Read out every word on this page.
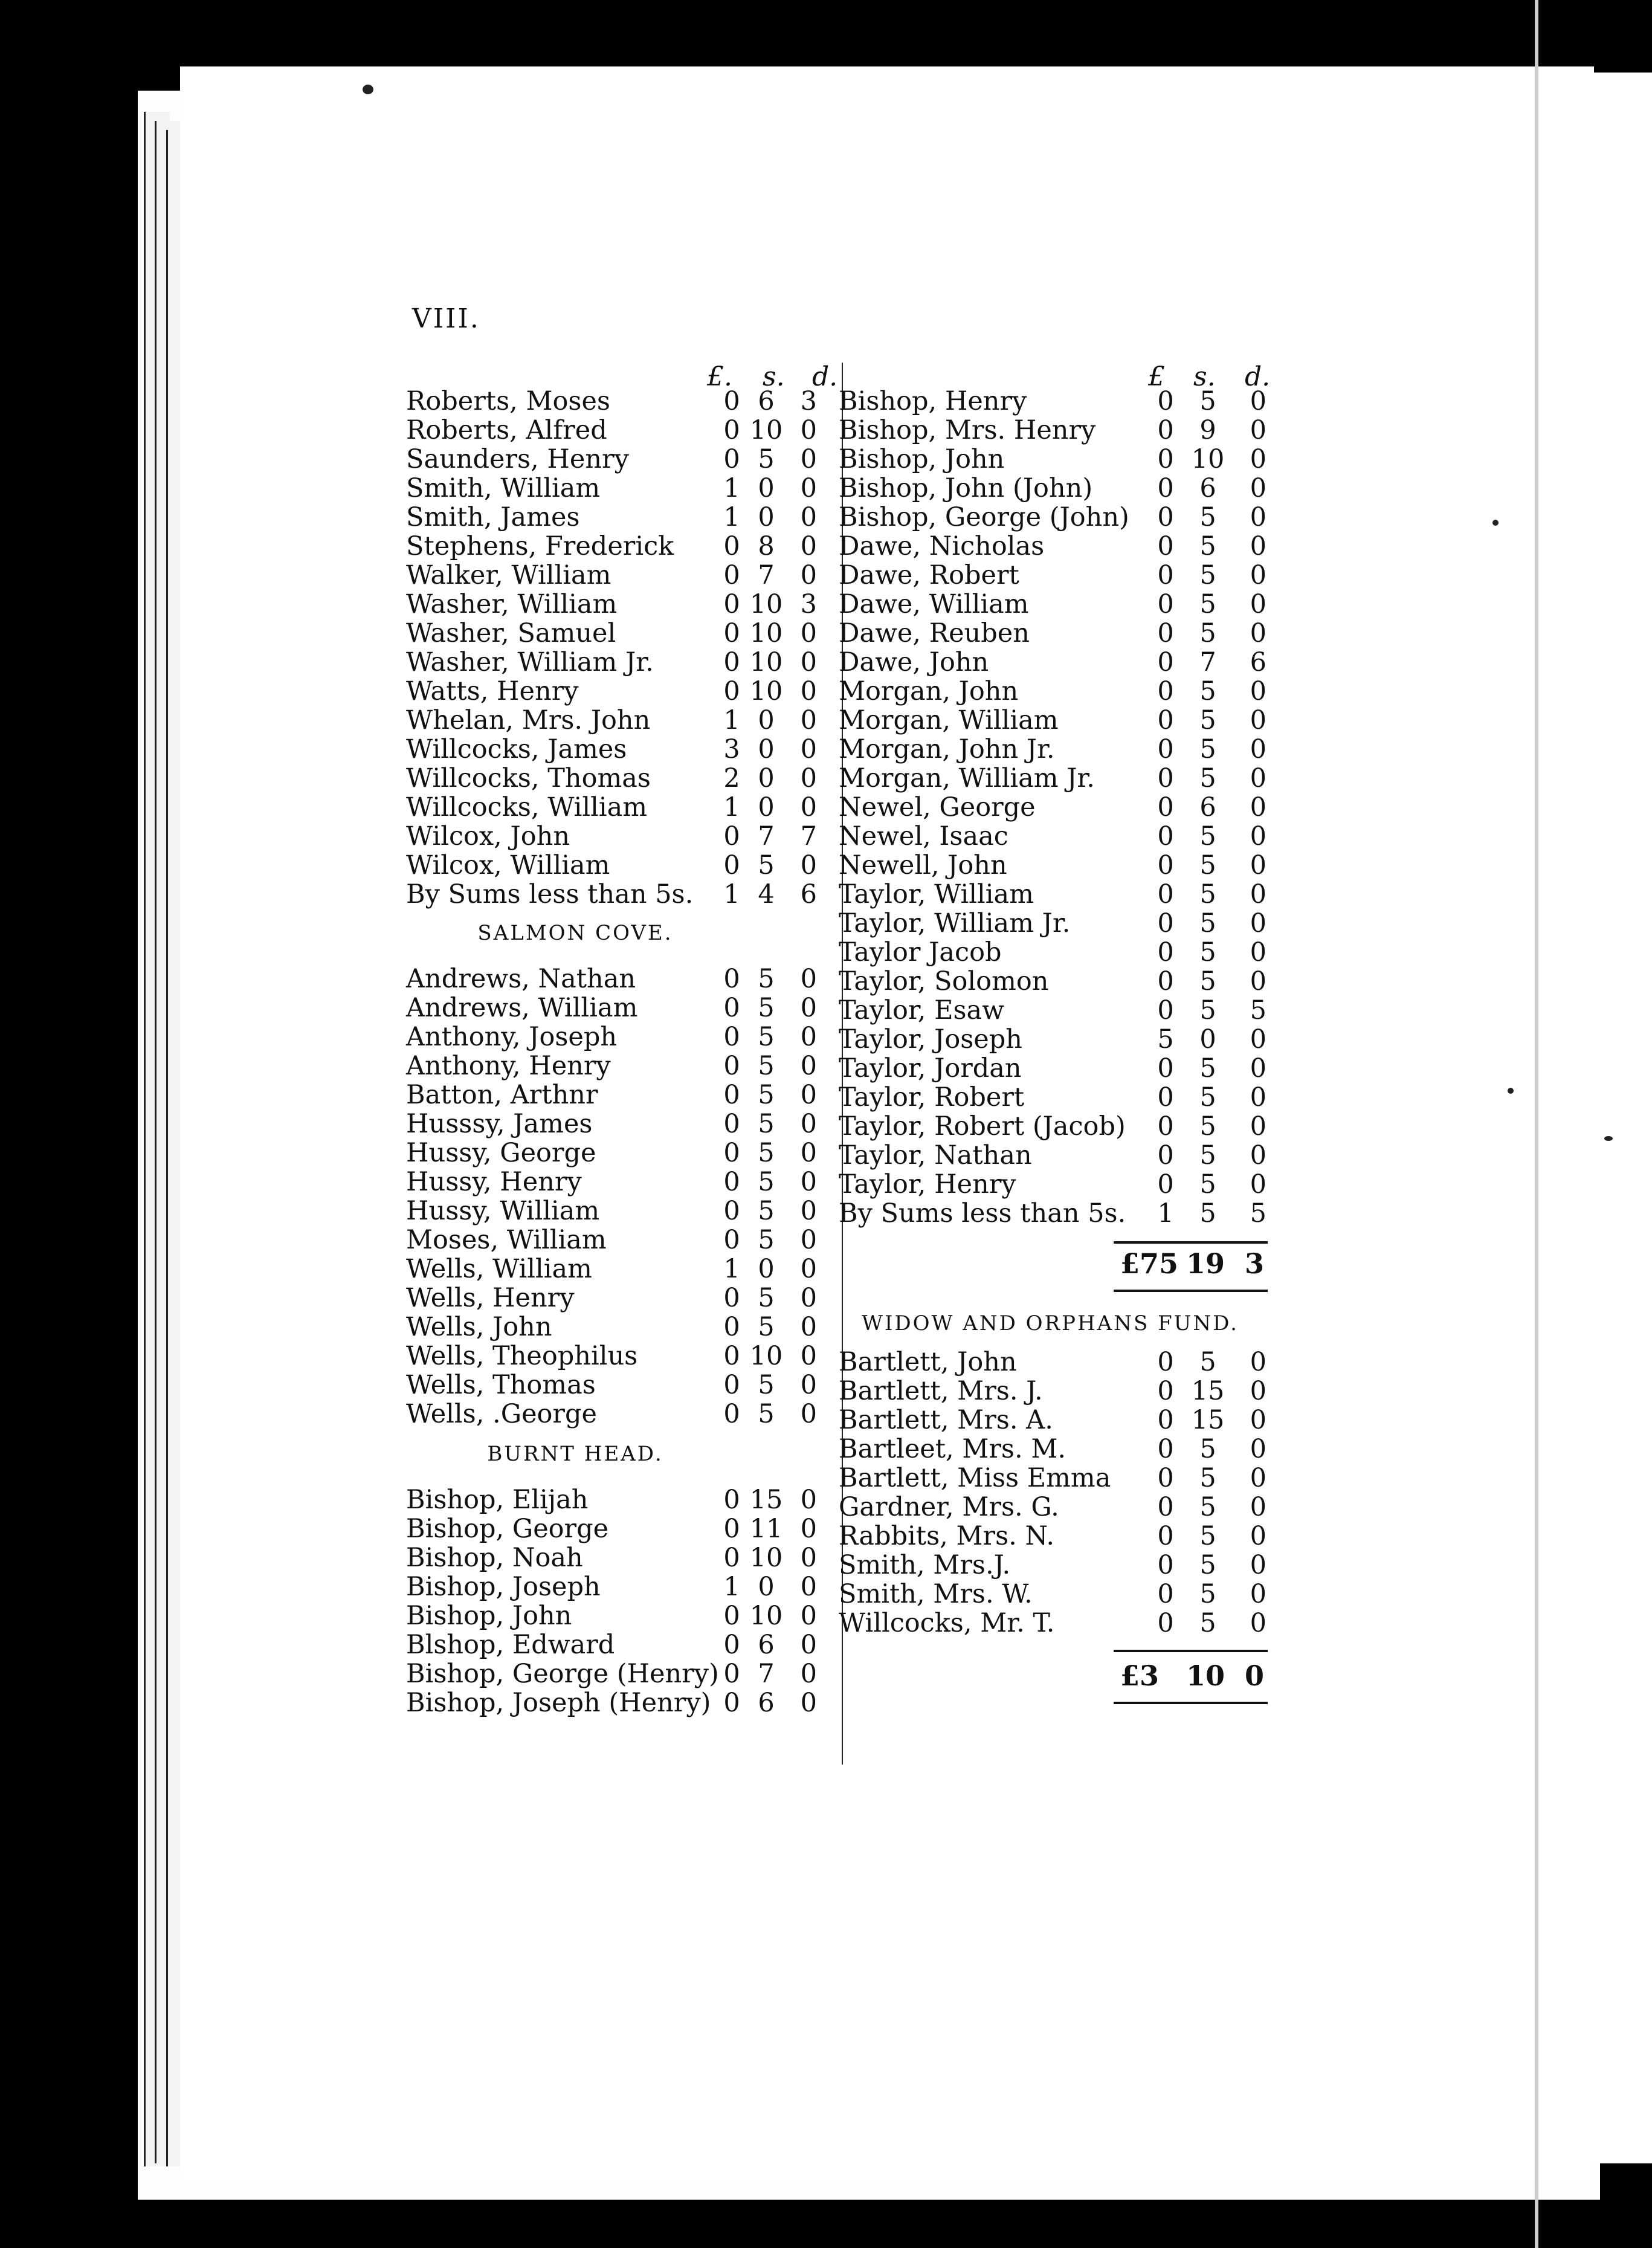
VIII.
£. s. d.	£ s. d.
Roberts, Moses	0 6 3
Roberts, Alfred	0 10 0
Saunders, Henry	0 5 0
Smith, William	1 0 0
Smith, James	1 0 0
Stephens, Frederick 0 8 0
Walker, William	0 7 0
Washer, William	0 10 3
Washer, Samuel	0 10 0
Washer, William Jr.	0 10 0
Watts, Henry	0 10 0
Whelan, Mrs. John	1 0 0
Willcocks, James	3 0 0
Willcocks, Thomas	2 0 0
Willcocks, William	1 0 0
Wilcox, John	0 7 7
Wilcox, William	0 5 0
By Sums less than 5s. 1 4 6
SALMON COVE.
Andrews, Nathan	0 5 0
Andrews, William	0 5 0
Anthony, Joseph	0 5 0
Anthony, Henry	0 5 0
Batton, Arthnr	0 5 0
Husssy, James	0 5 0
Hussy, George	0 5 0
Hussy, Henry	0 5 0
Hussy, William	0 5 0
Moses, William	0 5 0
Wells, William	1 0 0
Wells, Henry	0 5 0
Wells, John	0 5 0
Wells, Theophilus	0 10 0
Wells, Thomas	0 5 0
Wells, .George	0 5 0
BURNT HEAD.
Bishop, Elijah	0 15 0
Bishop, George	0 11 0
Bishop, Noah	0 10 0
Bishop, Joseph	1 0 0
Bishop, John	0 10 0
Blshop, Edward	0 6 0
Bishop, George (Henry) 0 7 0
Bishop, Joseph (Henry) 0 6 0
Bishop, Henry	0 5	0
Bishop, Mrs. Henry 0 9	0
Bishop, John	0 10 0
Bishop, John (John) 0 6	0
Bishop, George (John) 0 5	0
Dawe, Nicholas	0 5	0
Dawe, Robert	0 5	0
Dawe, William	0 5	0
Dawe, Reuben	0 5	0
Dawe, John	0 7	6
Morgan, John	0 5	0
Morgan, William	0 5	0
Morgan, John Jr.	0 5	0
Morgan, William Jr. 0 5	0
Newel, George	0 6	0
Newel, Isaac	0 5	0
Newell, John	0 5	0
Taylor, William	0 5	0
Taylor, William Jr.	0 5	0
Taylor Jacob	0 5	0
Taylor, Solomon	0 5	0
Taylor, Esaw	0 5	5
Taylor, Joseph	5 0	0
Taylor, Jordan	0 5	0
Taylor, Robert	0 5	0
Taylor, Robert (Jacob) 0 5	0
Taylor, Nathan	0 5	0
Taylor, Henry	0 5	0
By Sums less than 5s. 1 5	5
£75 19 3
WIDOW AND ORPHANS FUND.
Bartlett, John	0 5	0
Bartlett, Mrs. J.	0 15 0
Bartlett, Mrs. A.	0 15 0
Bartleet, Mrs. M.	0 5	0
Bartlett, Miss Emma 0 5	0
Gardner, Mrs. G.	0 5	0
Rabbits, Mrs. N.	0 5	0
Smith, Mrs.J.	0 5	0
Smith, Mrs. W.	0 5	0
Willcocks, Mr. T.	0 5	0
£3 10 0
